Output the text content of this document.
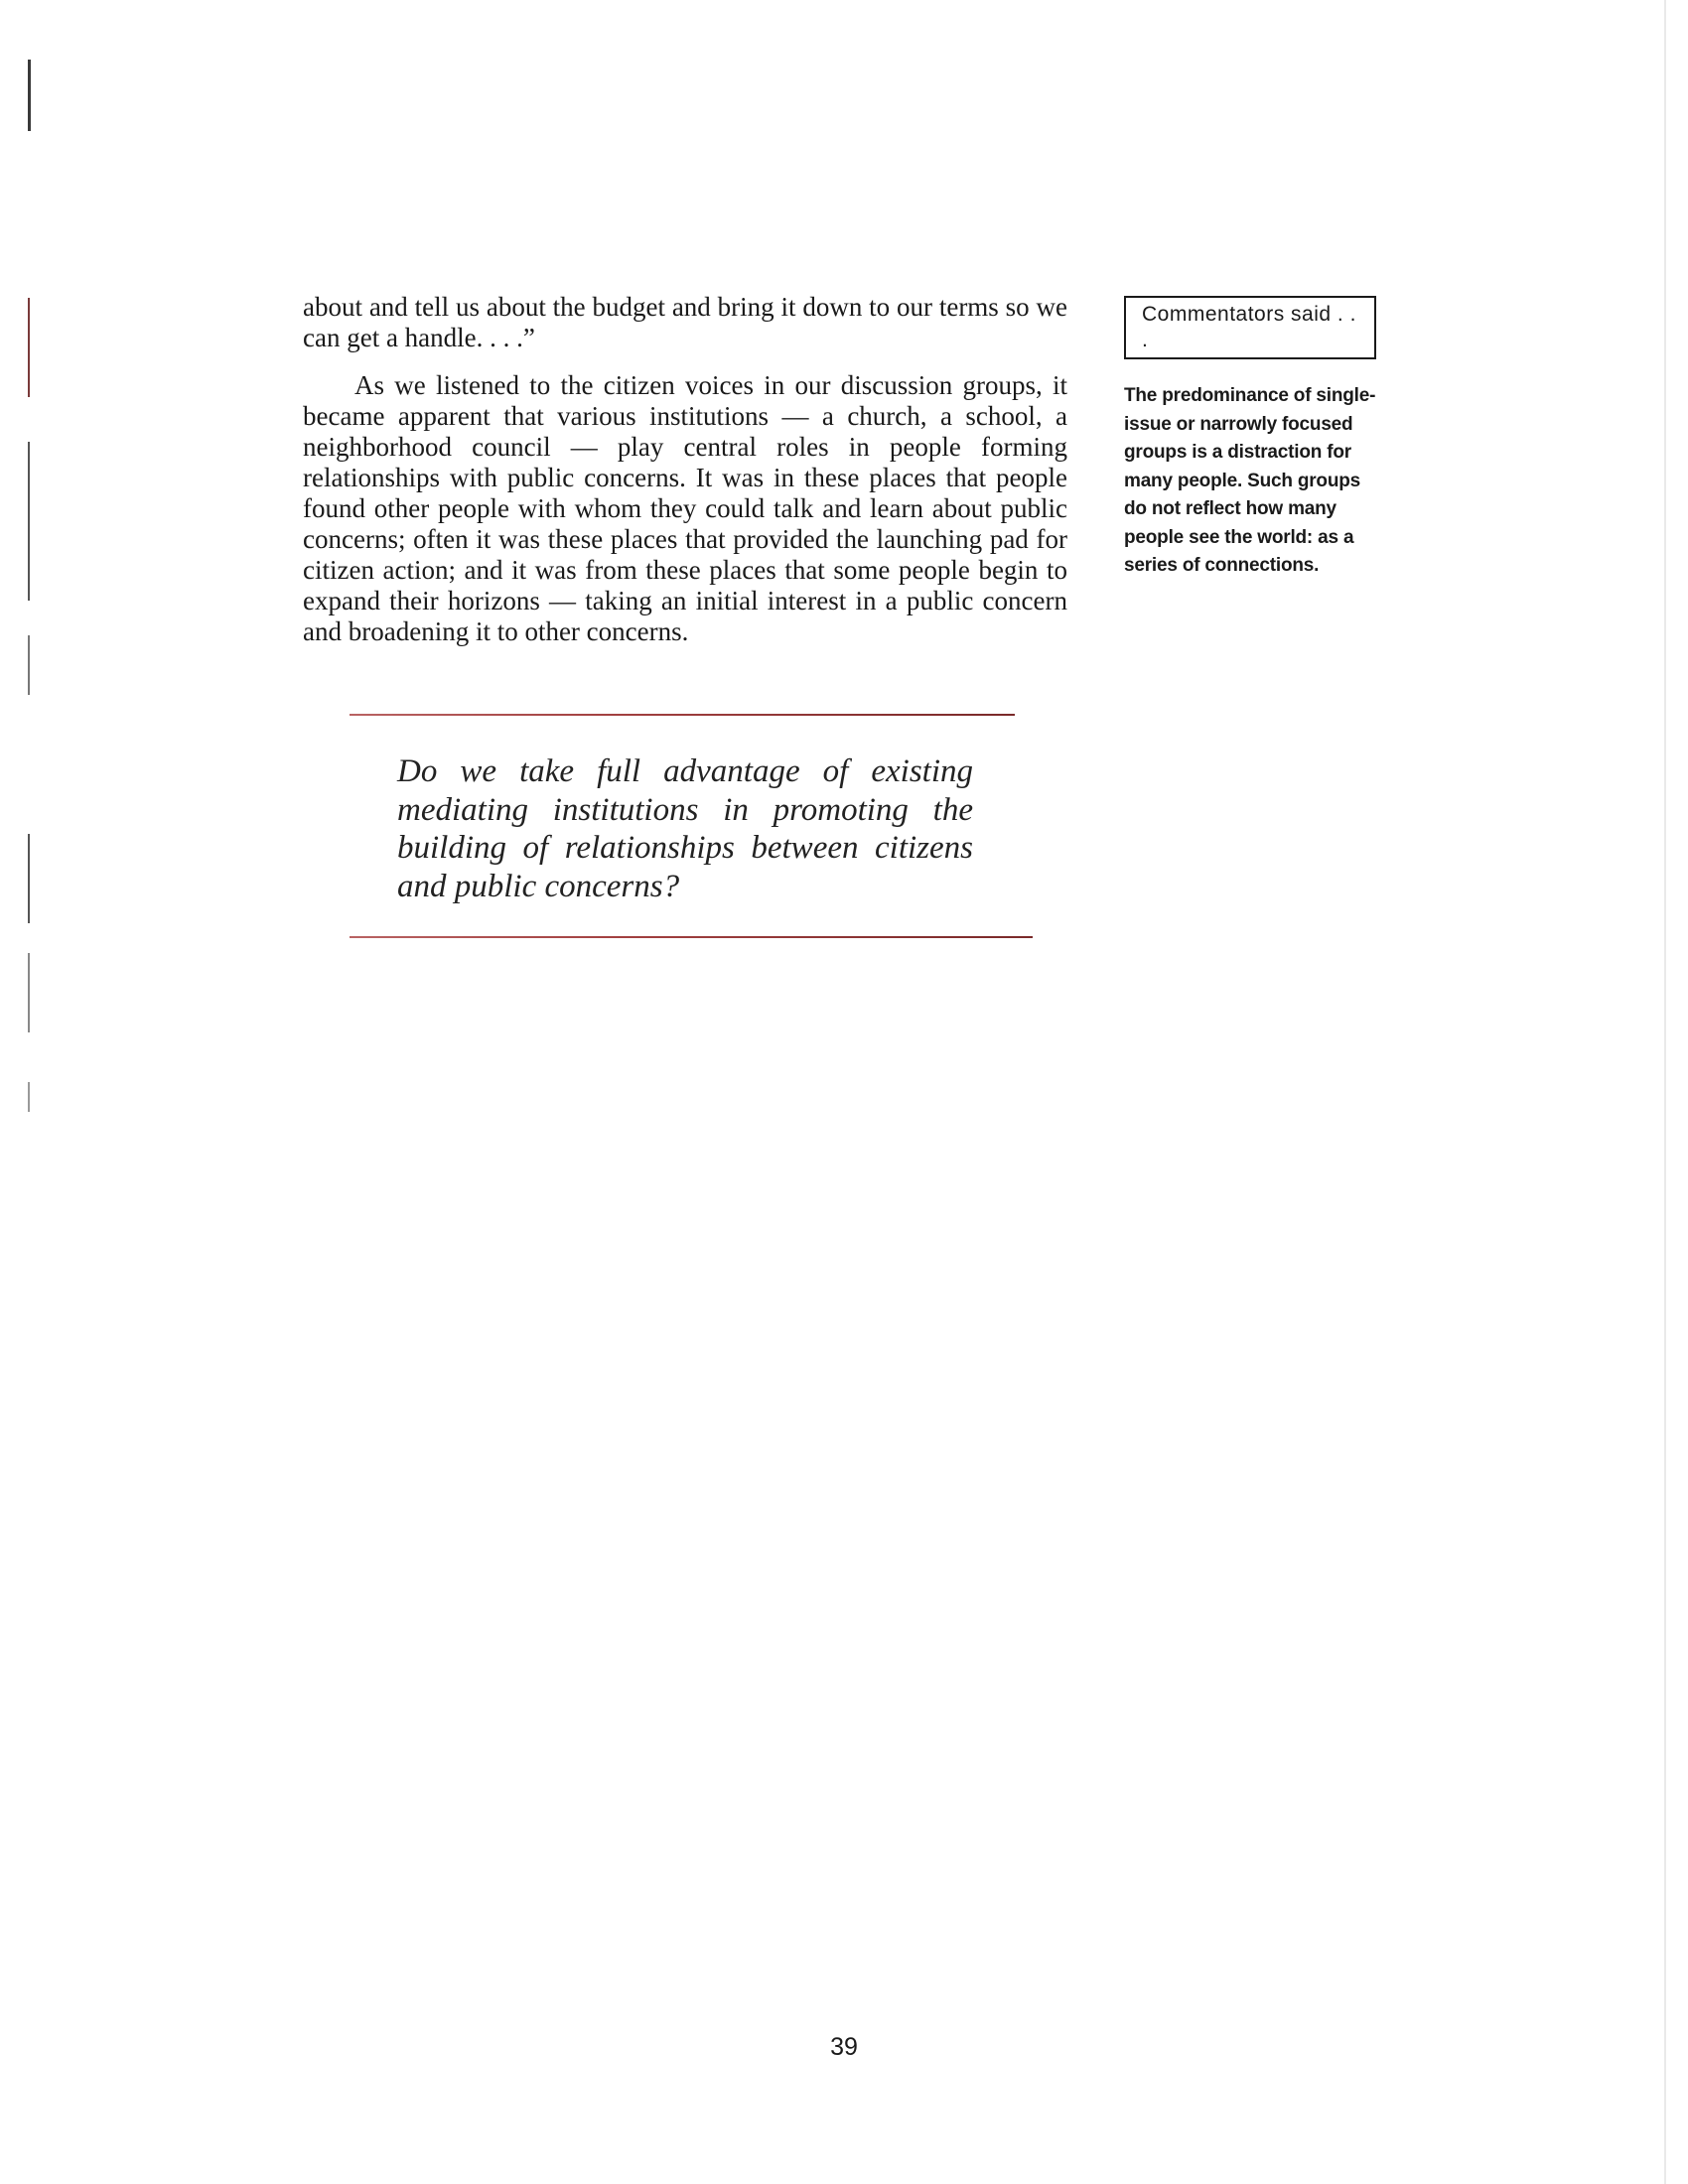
about and tell us about the budget and bring it down to our terms so we can get a handle. . . .”

As we listened to the citizen voices in our discussion groups, it became apparent that various institutions — a church, a school, a neighborhood council — play central roles in people forming relationships with public concerns. It was in these places that people found other people with whom they could talk and learn about public concerns; often it was these places that provided the launching pad for citizen action; and it was from these places that some people begin to expand their horizons — taking an initial interest in a public concern and broadening it to other concerns.

Commentators said . . .
The predominance of single-issue or narrowly focused groups is a distraction for many people. Such groups do not reflect how many people see the world: as a series of connections.

Do we take full advantage of existing mediating institutions in promoting the building of relationships between citizens and public concerns?

39
